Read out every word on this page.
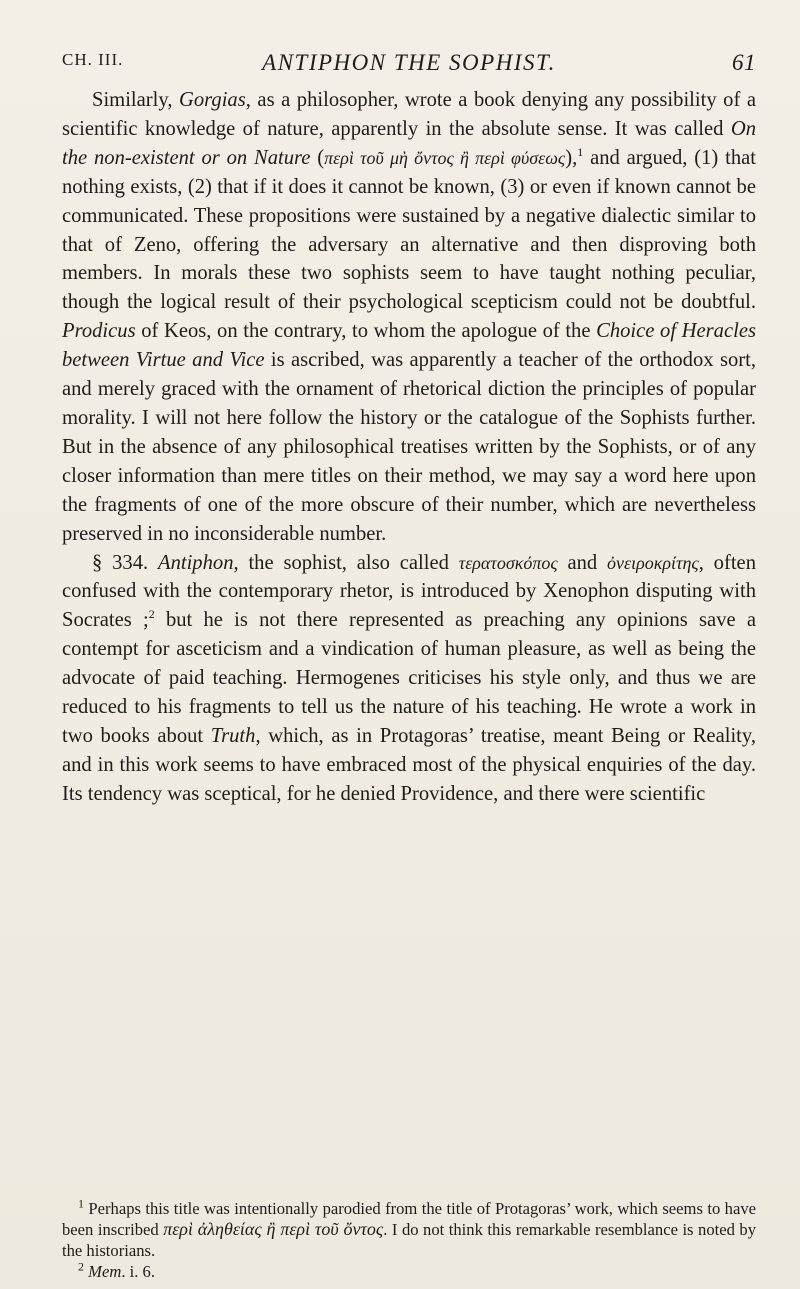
CH. III.	ANTIPHON THE SOPHIST.	61

Similarly, Gorgias, as a philosopher, wrote a book denying any possibility of a scientific knowledge of nature, apparently in the absolute sense. It was called On the non-existent or on Nature (περὶ τοῦ μὴ ὄντος ἢ περὶ φύσεως),$^1$ and argued, (1) that nothing exists, (2) that if it does it cannot be known, (3) or even if known cannot be communicated. These propositions were sustained by a negative dialectic similar to that of Zeno, offering the adversary an alternative and then disproving both members. In morals these two sophists seem to have taught nothing peculiar, though the logical result of their psychological scepticism could not be doubtful. Prodicus of Keos, on the contrary, to whom the apologue of the Choice of Heracles between Virtue and Vice is ascribed, was apparently a teacher of the orthodox sort, and merely graced with the ornament of rhetorical diction the principles of popular morality. I will not here follow the history or the catalogue of the Sophists further. But in the absence of any philosophical treatises written by the Sophists, or of any closer information than mere titles on their method, we may say a word here upon the fragments of one of the more obscure of their number, which are nevertheless preserved in no inconsiderable number.

§ 334. Antiphon, the sophist, also called τερατοσκόπος and ὀνειροκρίτης, often confused with the contemporary rhetor, is introduced by Xenophon disputing with Socrates ;$^2$ but he is not there represented as preaching any opinions save a contempt for asceticism and a vindication of human pleasure, as well as being the advocate of paid teaching. Hermogenes criticises his style only, and thus we are reduced to his fragments to tell us the nature of his teaching. He wrote a work in two books about Truth, which, as in Protagoras’ treatise, meant Being or Reality, and in this work seems to have embraced most of the physical enquiries of the day. Its tendency was sceptical, for he denied Providence, and there were scientific

$^1$ Perhaps this title was intentionally parodied from the title of Protagoras’ work, which seems to have been inscribed περὶ ἀληθείας ἢ περὶ τοῦ ὄντος. I do not think this remarkable resemblance is noted by the historians.

$^2$ Mem. i. 6.
